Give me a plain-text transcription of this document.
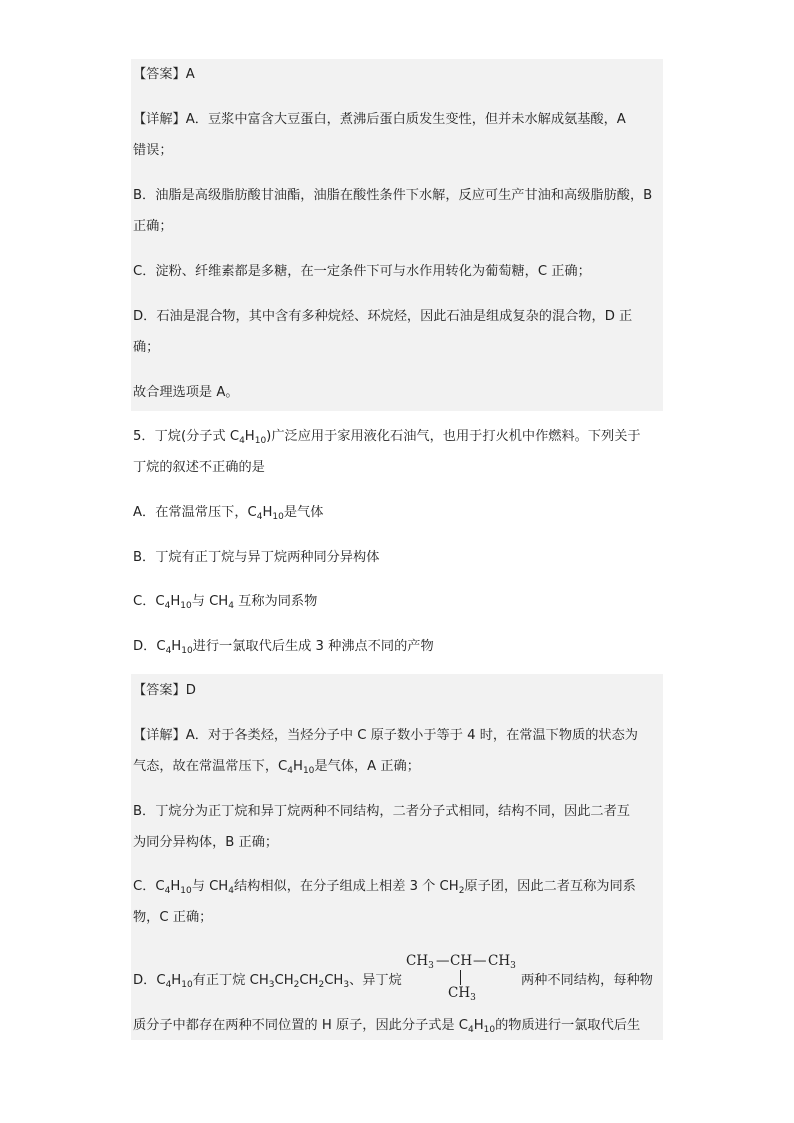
【答案】A
【详解】A．豆浆中富含大豆蛋白，煮沸后蛋白质发生变性，但并未水解成氨基酸，A
错误；
B．油脂是高级脂肪酸甘油酯，油脂在酸性条件下水解，反应可生产甘油和高级脂肪酸，B
正确；
C．淀粉、纤维素都是多糖，在一定条件下可与水作用转化为葡萄糖，C 正确；
D．石油是混合物，其中含有多种烷烃、环烷烃，因此石油是组成复杂的混合物，D 正
确；
故合理选项是 A。
5．丁烷(分子式 $C_4H_{10}$)广泛应用于家用液化石油气，也用于打火机中作燃料。下列关于
丁烷的叙述不正确的是
A．在常温常压下，$C_4H_{10}$是气体
B．丁烷有正丁烷与异丁烷两种同分异构体
C．$C_4H_{10}$与 $CH_4$ 互称为同系物
D．$C_4H_{10}$进行一氯取代后生成 3 种沸点不同的产物
【答案】D
【详解】A．对于各类烃，当烃分子中 C 原子数小于等于 4 时，在常温下物质的状态为
气态，故在常温常压下，$C_4H_{10}$是气体，A 正确；
B．丁烷分为正丁烷和异丁烷两种不同结构，二者分子式相同，结构不同，因此二者互
为同分异构体，B 正确；
C．$C_4H_{10}$与 $CH_4$结构相似，在分子组成上相差 3 个 $CH_2$原子团，因此二者互称为同系
物，C 正确；
D．$C_4H_{10}$有正丁烷 $CH_3CH_2CH_2CH_3$、异丁烷
$CH_3$ — CH — $CH_3$
$CH_3$
两种不同结构，每种物
质分子中都存在两种不同位置的 H 原子，因此分子式是 $C_4H_{10}$的物质进行一氯取代后生
